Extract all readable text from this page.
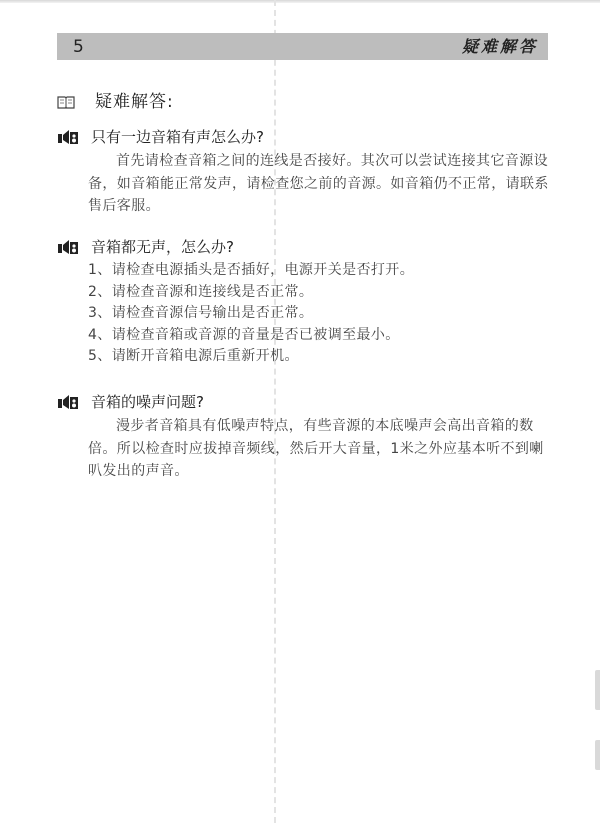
5	疑难解答
疑难解答:
只有一边音箱有声怎么办?

首先请检查音箱之间的连线是否接好。其次可以尝试连接其它音源设备，如音箱能正常发声，请检查您之前的音源。如音箱仍不正常，请联系售后客服。

音箱都无声，怎么办?
1、请检查电源插头是否插好，电源开关是否打开。
2、请检查音源和连接线是否正常。
3、请检查音源信号输出是否正常。
4、请检查音箱或音源的音量是否已被调至最小。
5、请断开音箱电源后重新开机。
音箱的噪声问题?

漫步者音箱具有低噪声特点，有些音源的本底噪声会高出音箱的数倍。所以检查时应拔掉音频线，然后开大音量，1米之外应基本听不到喇叭发出的声音。
